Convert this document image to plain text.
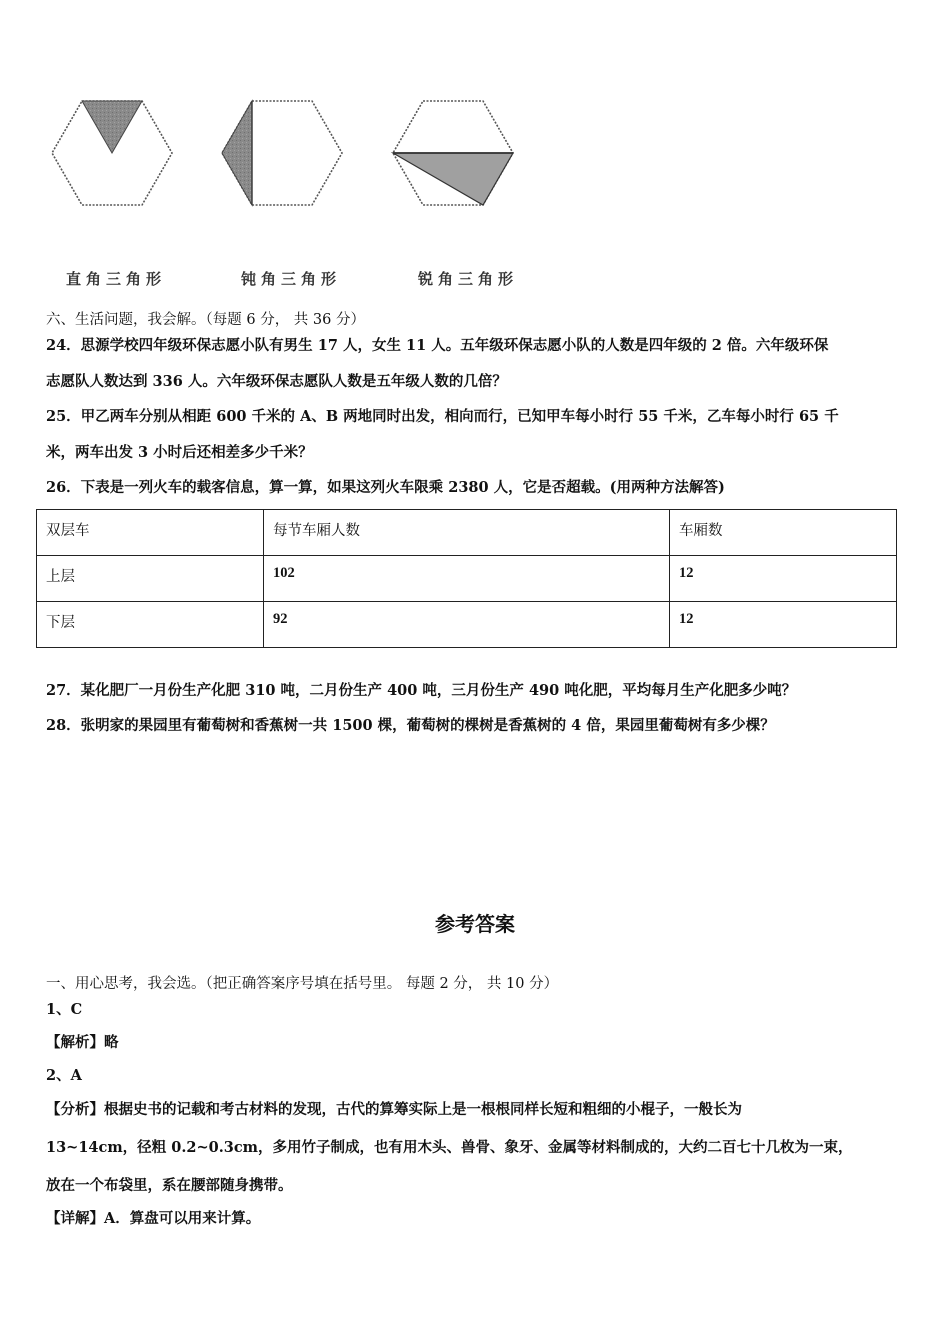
直角三角形	钝角三角形	锐角三角形
六、生活问题，我会解。（每题 6 分， 共 36 分）
24．思源学校四年级环保志愿小队有男生 17 人，女生 11 人。五年级环保志愿小队的人数是四年级的 2 倍。六年级环保
志愿队人数达到 336 人。六年级环保志愿队人数是五年级人数的几倍？
25．甲乙两车分别从相距 600 千米的 A、B 两地同时出发，相向而行，已知甲车每小时行 55 千米，乙车每小时行 65 千
米，两车出发 3 小时后还相差多少千米？
26．下表是一列火车的载客信息，算一算，如果这列火车限乘 2380 人，它是否超载。(用两种方法解答)
双层车	每节车厢人数	车厢数
上层	102	12
下层	92	12
27．某化肥厂一月份生产化肥 310 吨，二月份生产 400 吨，三月份生产 490 吨化肥，平均每月生产化肥多少吨？
28．张明家的果园里有葡萄树和香蕉树一共 1500 棵，葡萄树的棵树是香蕉树的 4 倍，果园里葡萄树有多少棵？
参考答案
一、用心思考，我会选。（把正确答案序号填在括号里。 每题 2 分， 共 10 分）
1、C
【解析】略
2、A
【分析】根据史书的记载和考古材料的发现，古代的算筹实际上是一根根同样长短和粗细的小棍子，一般长为
13~14cm，径粗 0.2~0.3cm，多用竹子制成，也有用木头、兽骨、象牙、金属等材料制成的，大约二百七十几枚为一束，
放在一个布袋里，系在腰部随身携带。
【详解】A．算盘可以用来计算。
